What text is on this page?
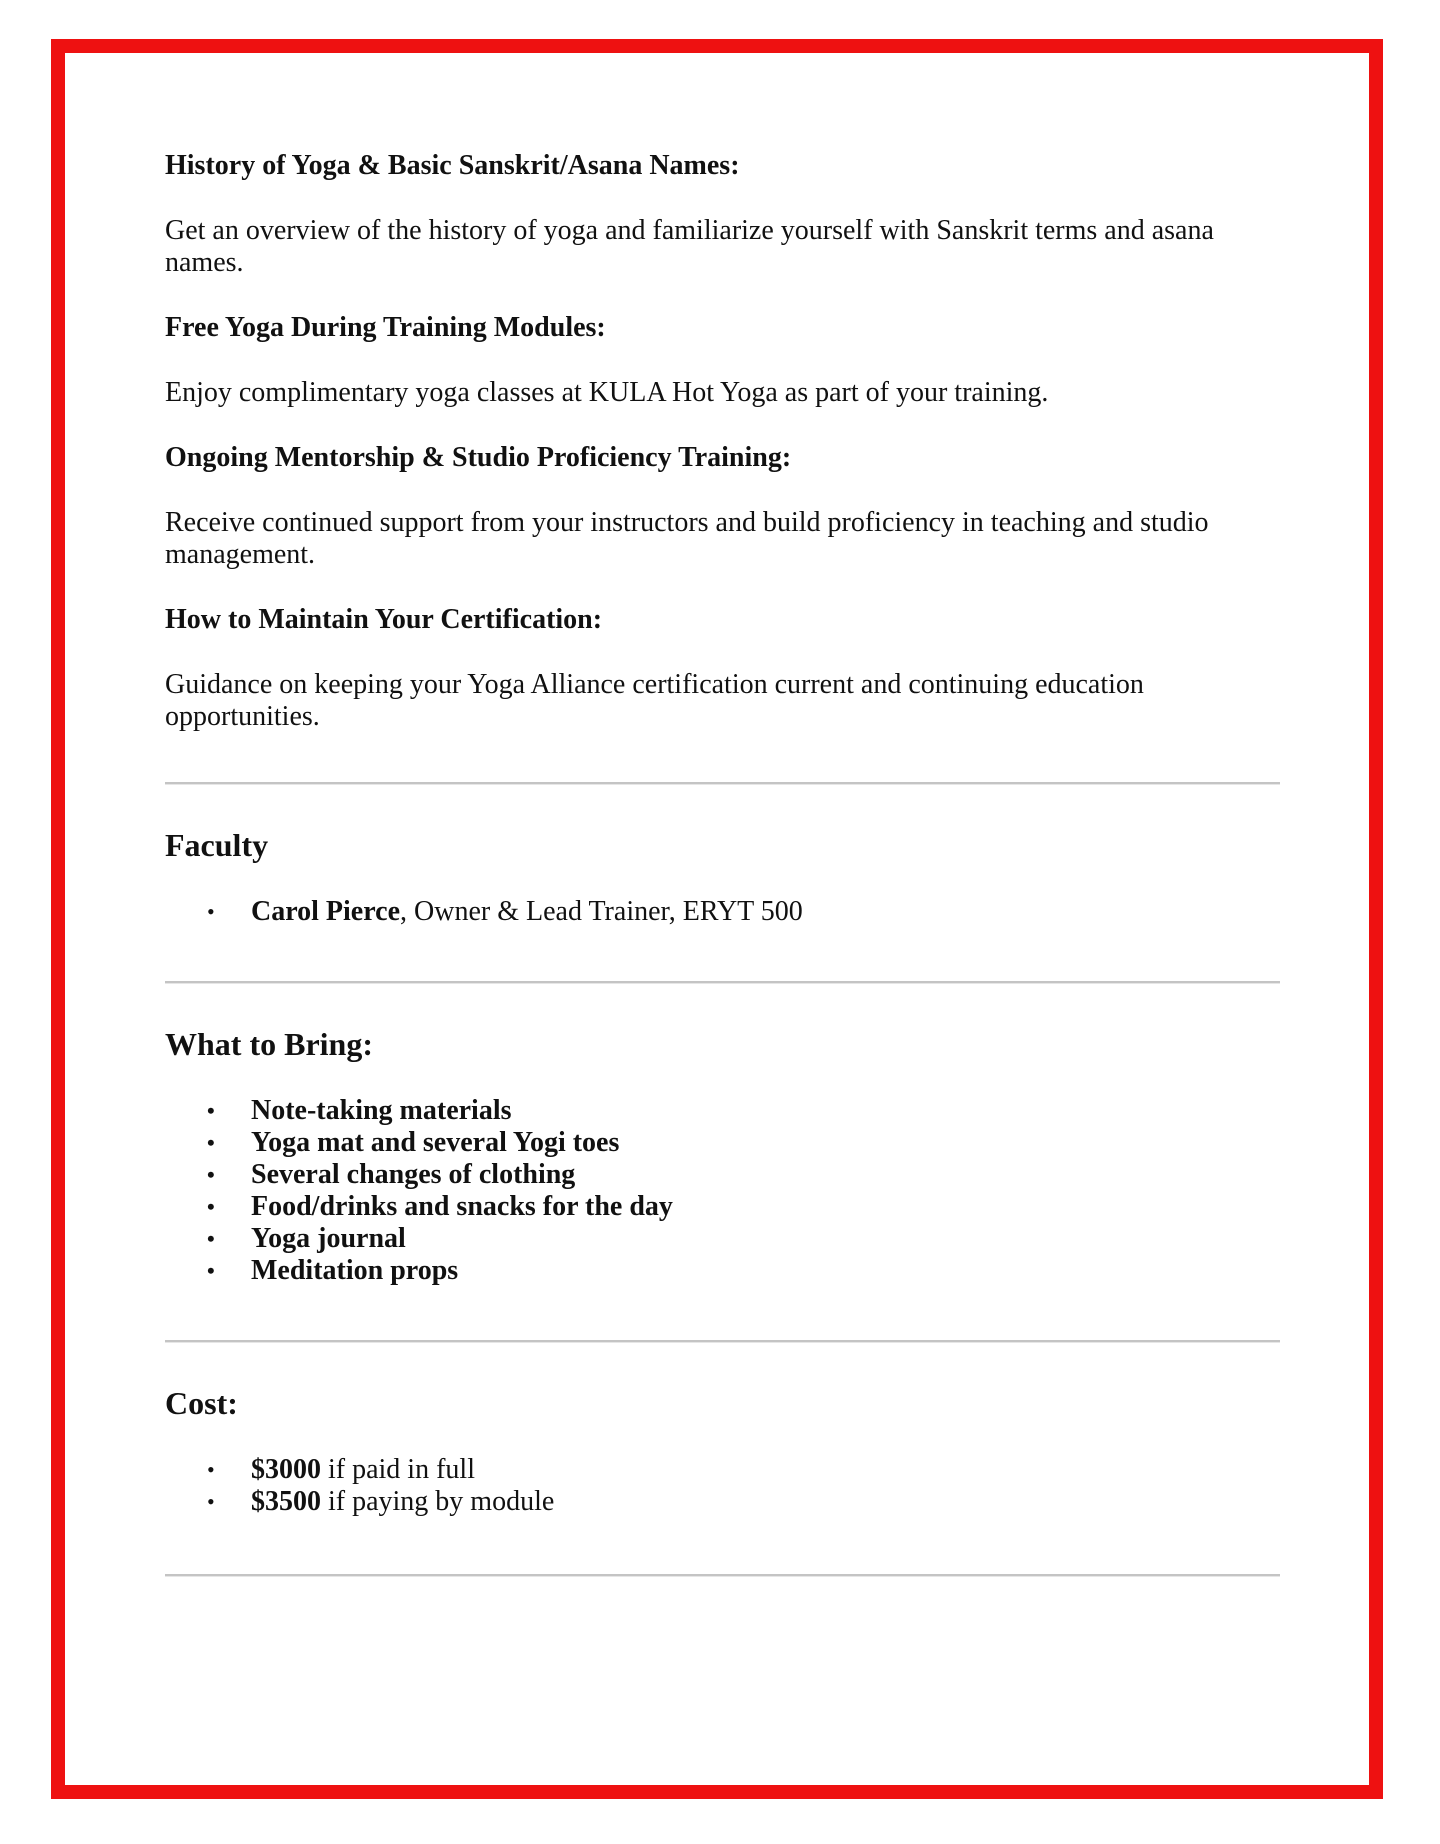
History of Yoga & Basic Sanskrit/Asana Names:
Get an overview of the history of yoga and familiarize yourself with Sanskrit terms and asana names.
Free Yoga During Training Modules:
Enjoy complimentary yoga classes at KULA Hot Yoga as part of your training.
Ongoing Mentorship & Studio Proficiency Training:
Receive continued support from your instructors and build proficiency in teaching and studio management.
How to Maintain Your Certification:
Guidance on keeping your Yoga Alliance certification current and continuing education opportunities.
Faculty
• Carol Pierce, Owner & Lead Trainer, ERYT 500
What to Bring:
• Note-taking materials
• Yoga mat and several Yogi toes
• Several changes of clothing
• Food/drinks and snacks for the day
• Yoga journal
• Meditation props
Cost:
• $3000 if paid in full
• $3500 if paying by module
